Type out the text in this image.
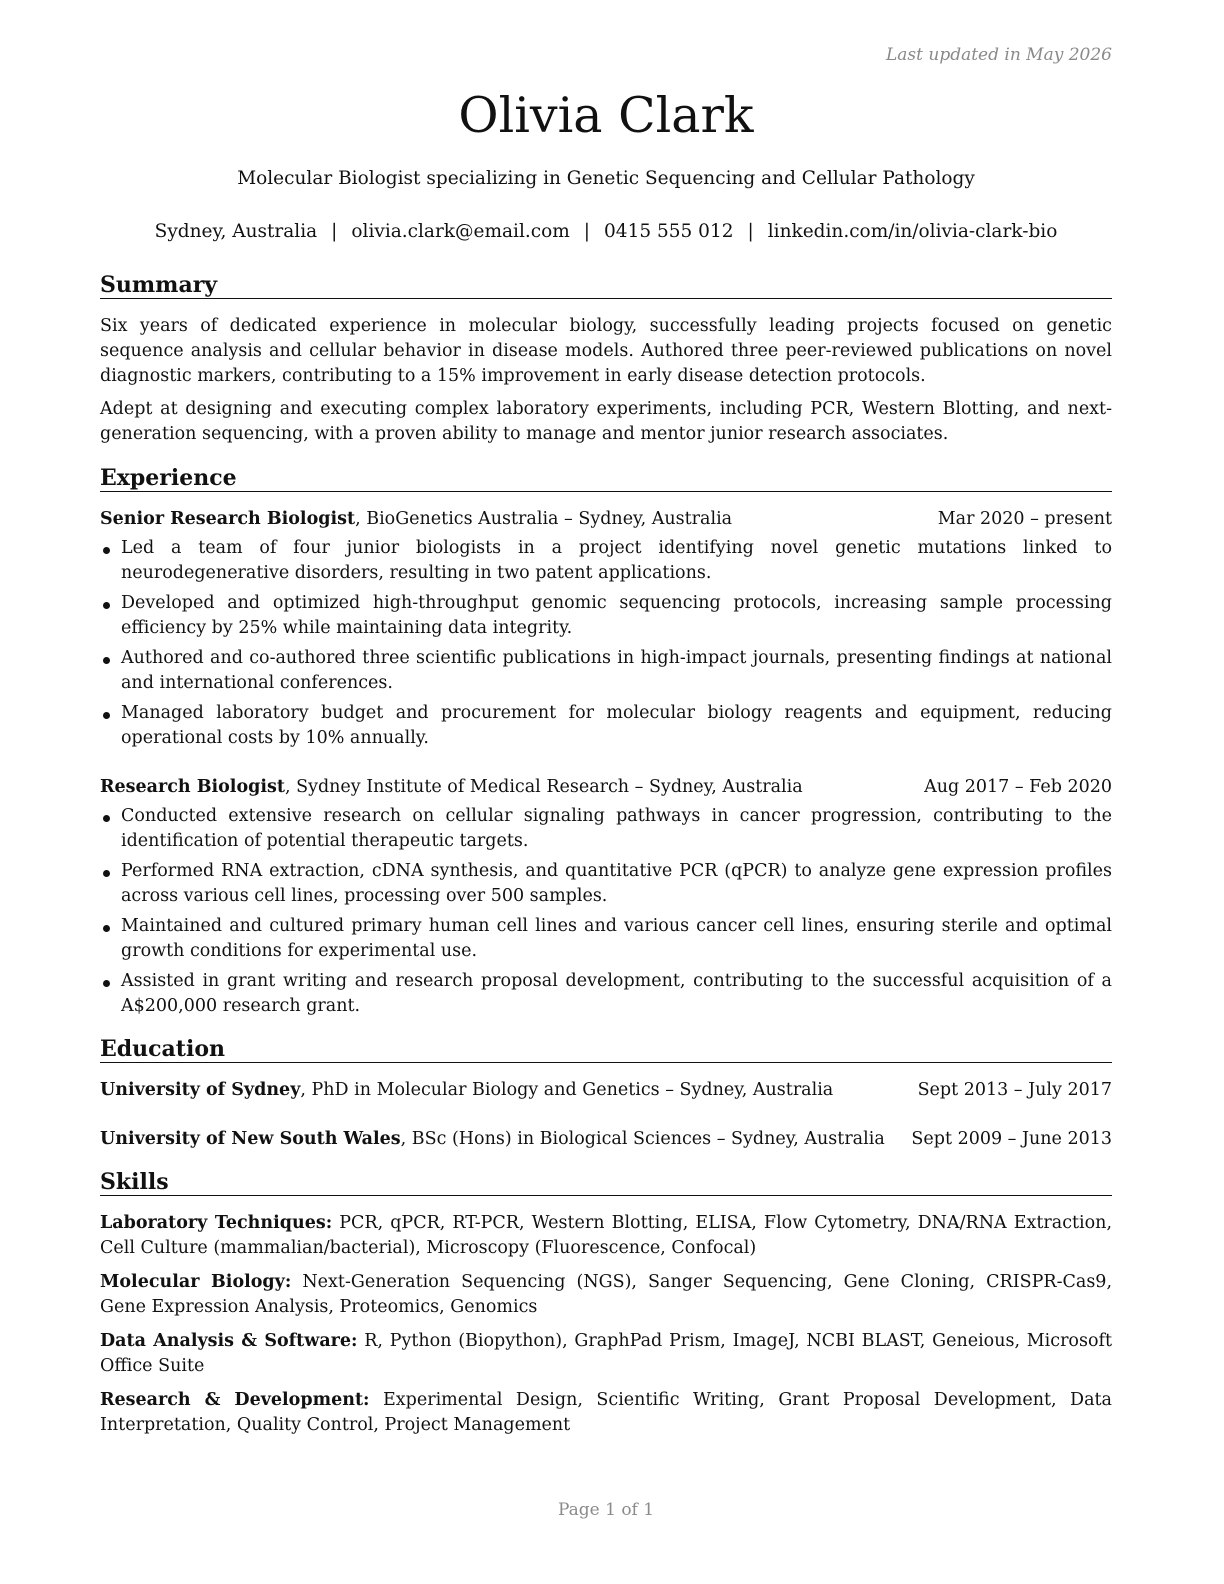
Last updated in May 2026
Olivia Clark
Molecular Biologist specializing in Genetic Sequencing and Cellular Pathology
Sydney, Australia | olivia.clark@email.com | 0415 555 012 | linkedin.com/in/olivia-clark-bio
Summary

Six years of dedicated experience in molecular biology, successfully leading projects focused on genetic sequence analysis and cellular behavior in disease models. Authored three peer-reviewed publications on novel diagnostic markers, contributing to a 15% improvement in early disease detection protocols.

Adept at designing and executing complex laboratory experiments, including PCR, Western Blotting, and next-generation sequencing, with a proven ability to manage and mentor junior research associates.

Experience
Senior Research Biologist, BioGenetics Australia – Sydney, Australia	Mar 2020 – present
Led a team of four junior biologists in a project identifying novel genetic mutations linked to neurodegenerative disorders, resulting in two patent applications.
Developed and optimized high-throughput genomic sequencing protocols, increasing sample processing efficiency by 25% while maintaining data integrity.
Authored and co-authored three scientific publications in high-impact journals, presenting findings at national and international conferences.
Managed laboratory budget and procurement for molecular biology reagents and equipment, reducing operational costs by 10% annually.
Research Biologist, Sydney Institute of Medical Research – Sydney, Australia	Aug 2017 – Feb 2020
Conducted extensive research on cellular signaling pathways in cancer progression, contributing to the identification of potential therapeutic targets.
Performed RNA extraction, cDNA synthesis, and quantitative PCR (qPCR) to analyze gene expression profiles across various cell lines, processing over 500 samples.
Maintained and cultured primary human cell lines and various cancer cell lines, ensuring sterile and optimal growth conditions for experimental use.
Assisted in grant writing and research proposal development, contributing to the successful acquisition of a A$200,000 research grant.
Education
University of Sydney, PhD in Molecular Biology and Genetics – Sydney, Australia	Sept 2013 – July 2017
University of New South Wales, BSc (Hons) in Biological Sciences – Sydney, Australia Sept 2009 – June 2013
Skills

Laboratory Techniques: PCR, qPCR, RT-PCR, Western Blotting, ELISA, Flow Cytometry, DNA/RNA Extraction, Cell Culture (mammalian/bacterial), Microscopy (Fluorescence, Confocal)

Molecular Biology: Next-Generation Sequencing (NGS), Sanger Sequencing, Gene Cloning, CRISPR-Cas9, Gene Expression Analysis, Proteomics, Genomics

Data Analysis & Software: R, Python (Biopython), GraphPad Prism, ImageJ, NCBI BLAST, Geneious, Microsoft Office Suite

Research & Development: Experimental Design, Scientific Writing, Grant Proposal Development, Data Interpretation, Quality Control, Project Management

Page 1 of 1
